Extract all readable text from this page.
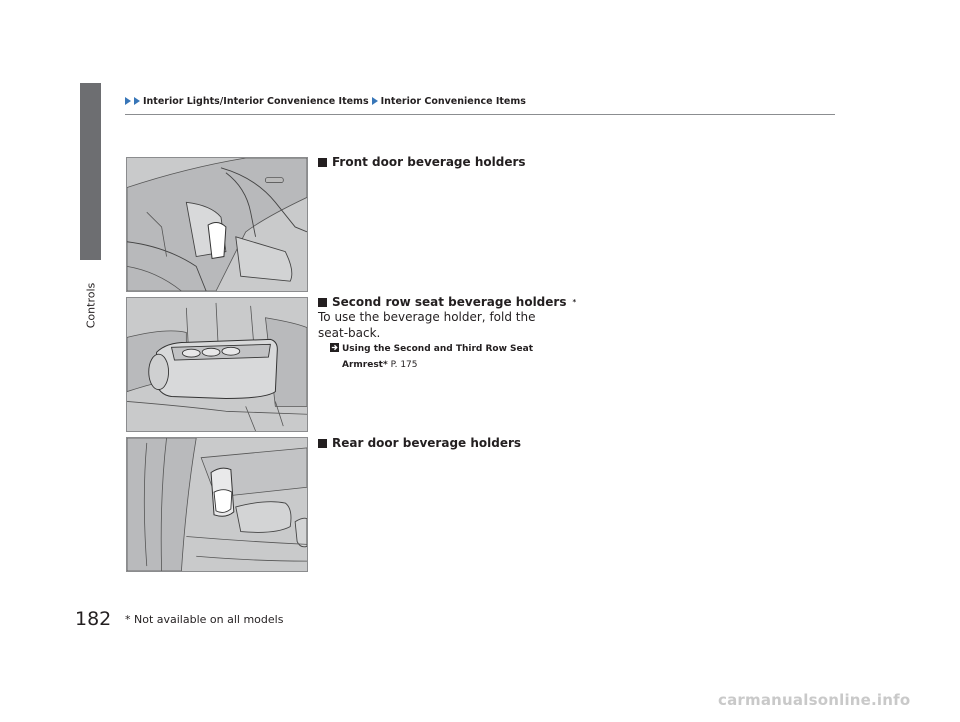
Controls
Interior Lights/Interior Convenience Items Interior Convenience Items
Front door beverage holders
Second row seat beverage holders *
To use the beverage holder, fold the seat-back.
Using the Second and Third Row Seat
Armrest* P. 175
Rear door beverage holders
182 * Not available on all models
carmanualsonline.info
